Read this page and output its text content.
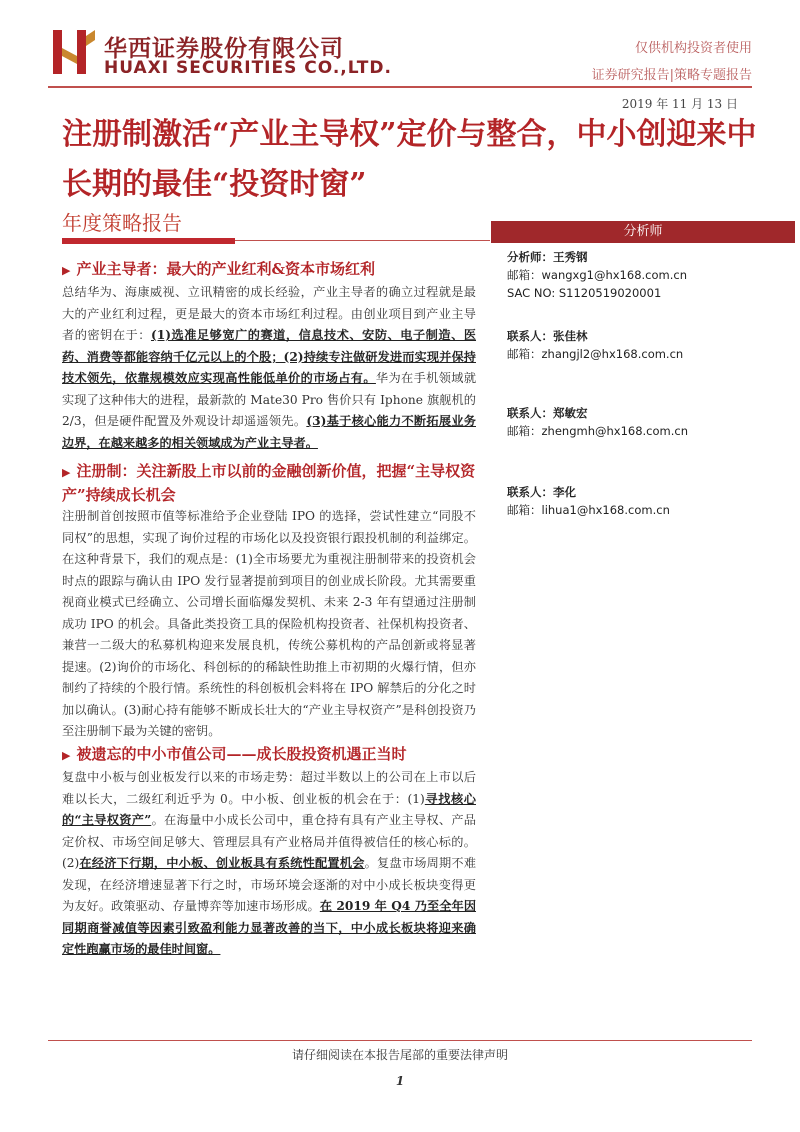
华西证券股份有限公司
HUAXI SECURITIES CO.,LTD.
仅供机构投资者使用
证券研究报告|策略专题报告
2019 年 11 月 13 日
注册制激活“产业主导权”定价与整合，中小创迎来中长期的最佳“投资时窗”
年度策略报告	分析师
分析师：王秀钢
邮箱：wangxg1@hx168.com.cn
SAC NO: S1120519020001
联系人：张佳林
邮箱：zhangjl2@hx168.com.cn
联系人：郑敏宏
邮箱：zhengmh@hx168.com.cn
联系人：李化
邮箱：lihua1@hx168.com.cn
▶ 产业主导者：最大的产业红利&资本市场红利

总结华为、海康威视、立讯精密的成长经验，产业主导者的确立过程就是最大的产业红利过程，更是最大的资本市场红利过程。由创业项目到产业主导者的密钥在于：(1)选准足够宽广的赛道，信息技术、安防、电子制造、医药、消费等都能容纳千亿元以上的个股；(2)持续专注做研发进而实现并保持技术领先，依靠规模效应实现高性能低单价的市场占有。华为在手机领域就实现了这种伟大的进程，最新款的 Mate30 Pro 售价只有 Iphone 旗舰机的 2/3，但是硬件配置及外观设计却遥遥领先。(3)基于核心能力不断拓展业务边界，在越来越多的相关领域成为产业主导者。

▶ 注册制：关注新股上市以前的金融创新价值，把握“主导权资产”持续成长机会

注册制首创按照市值等标准给予企业登陆 IPO 的选择，尝试性建立“同股不同权”的思想，实现了询价过程的市场化以及投资银行跟投机制的利益绑定。在这种背景下，我们的观点是：(1)全市场要尤为重视注册制带来的投资机会时点的跟踪与确认由 IPO 发行显著提前到项目的创业成长阶段。尤其需要重视商业模式已经确立、公司增长面临爆发契机、未来 2-3 年有望通过注册制成功 IPO 的机会。具备此类投资工具的保险机构投资者、社保机构投资者、兼营一二级大的私募机构迎来发展良机，传统公募机构的产品创新或将显著提速。(2)询价的市场化、科创标的的稀缺性助推上市初期的火爆行情，但亦制约了持续的个股行情。系统性的科创板机会料将在 IPO 解禁后的分化之时加以确认。(3)耐心持有能够不断成长壮大的“产业主导权资产”是科创投资乃至注册制下最为关键的密钥。

▶ 被遗忘的中小市值公司——成长股投资机遇正当时

复盘中小板与创业板发行以来的市场走势：超过半数以上的公司在上市以后难以长大，二级红利近乎为 0。中小板、创业板的机会在于：(1)寻找核心的“主导权资产”。在海量中小成长公司中，重仓持有具有产业主导权、产品定价权、市场空间足够大、管理层具有产业格局并值得被信任的核心标的。(2)在经济下行期，中小板、创业板具有系统性配置机会。复盘市场周期不难发现，在经济增速显著下行之时，市场环境会逐渐的对中小成长板块变得更为友好。政策驱动、存量博弈等加速市场形成。在 2019 年 Q4 乃至全年因同期商誉减值等因素引致盈利能力显著改善的当下，中小成长板块将迎来确定性跑赢市场的最佳时间窗。

请仔细阅读在本报告尾部的重要法律声明
1
